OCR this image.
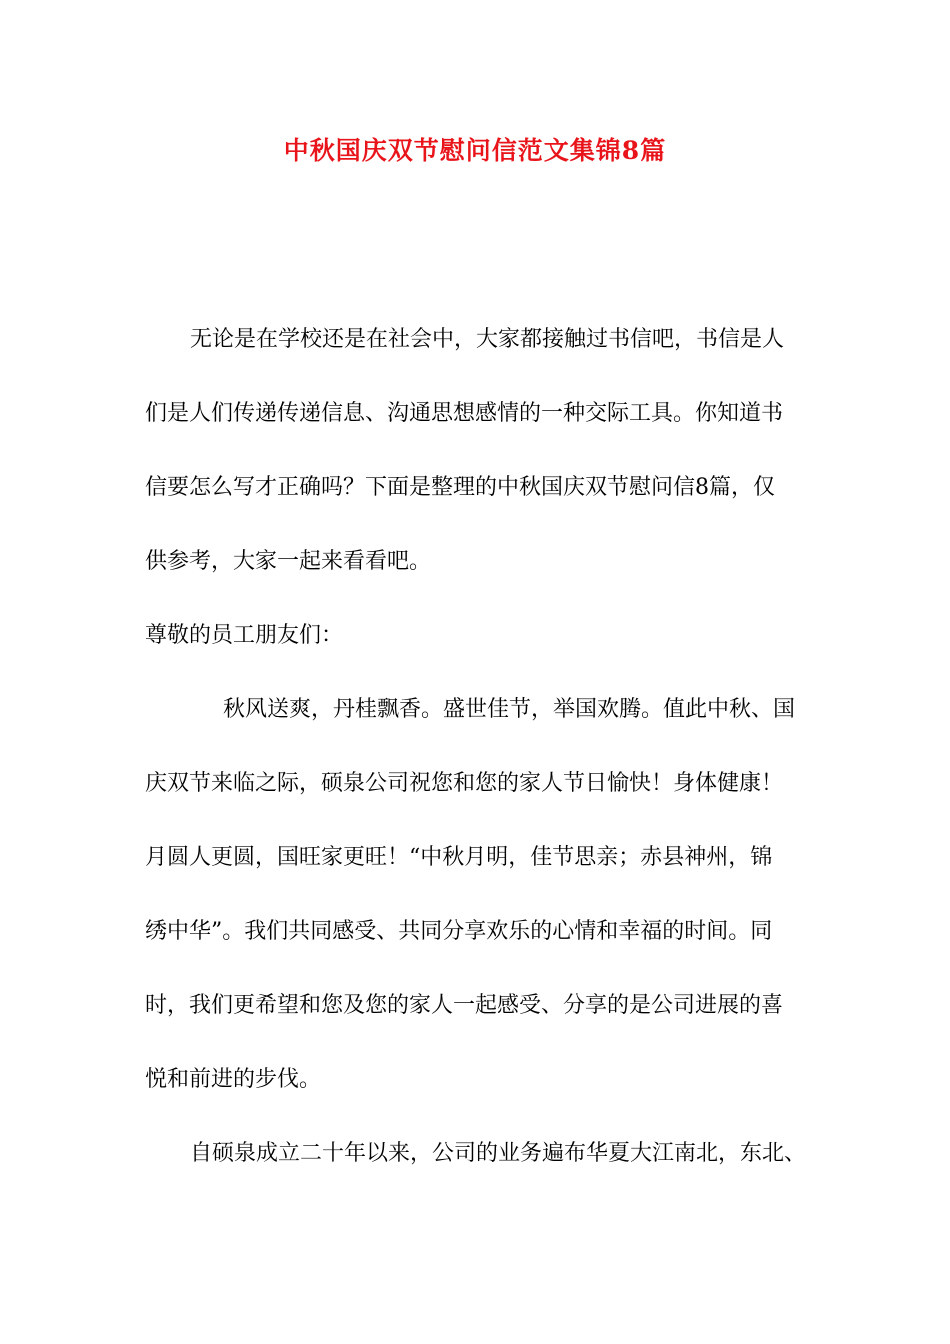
中秋国庆双节慰问信范文集锦8篇
无论是在学校还是在社会中，大家都接触过书信吧，书信是人
们是人们传递传递信息、沟通思想感情的一种交际工具。你知道书
信要怎么写才正确吗？下面是整理的中秋国庆双节慰问信8篇，仅
供参考，大家一起来看看吧。
尊敬的员工朋友们：
秋风送爽，丹桂飘香。盛世佳节，举国欢腾。值此中秋、国
庆双节来临之际，硕泉公司祝您和您的家人节日愉快！身体健康！
月圆人更圆，国旺家更旺！“中秋月明，佳节思亲；赤县神州，锦
绣中华”。我们共同感受、共同分享欢乐的心情和幸福的时间。同
时，我们更希望和您及您的家人一起感受、分享的是公司进展的喜
悦和前进的步伐。
自硕泉成立二十年以来，公司的业务遍布华夏大江南北，东北、
